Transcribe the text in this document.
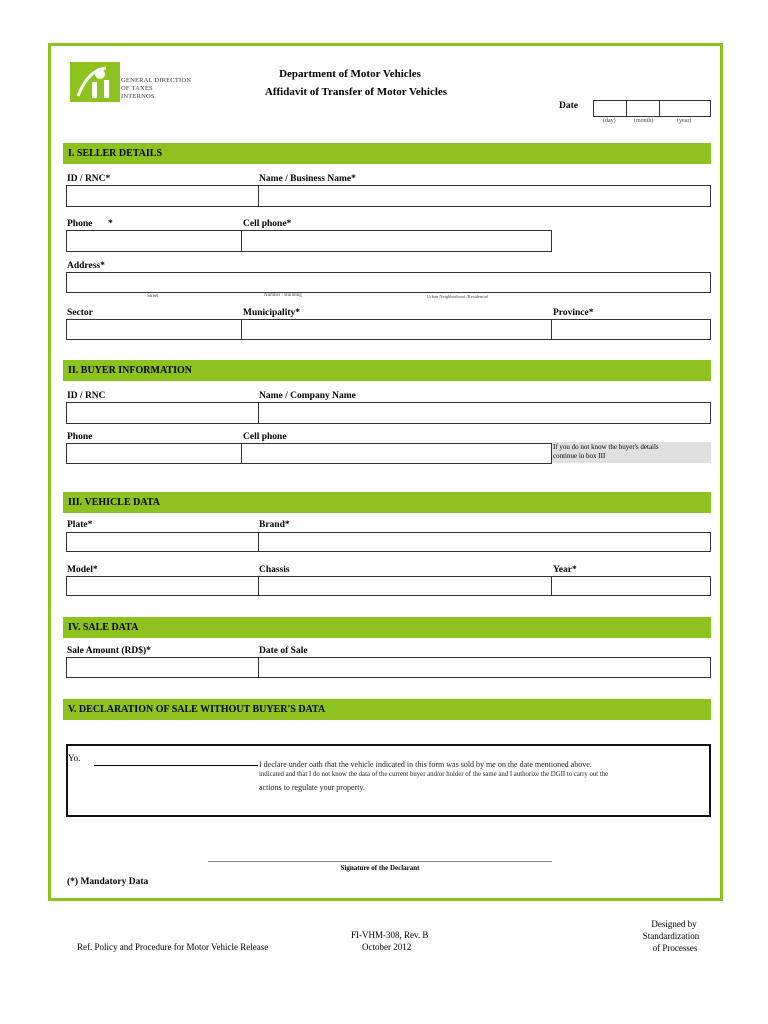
GENERAL DIRECTION
OF TAXES
INTERNOS
Department of Motor Vehicles
Affidavit of Transfer of Motor Vehicles
Date
(day)	(month)	(year)
I. SELLER DETAILS
ID / RNC*	Name / Business Name*
Phone *	Cell phone*
Address*
Street	Number / Building	Urban Neighborhood /Residential
Sector	Municipality*	Province*
II. BUYER INFORMATION
ID / RNC	Name / Company Name
Phone	Cell phone
If you do not know the buyer's details
continue in box III
III. VEHICLE DATA
Plate*	Brand*
Model*	Chassis	Year*
IV. SALE DATA
Sale Amount (RD$)*	Date of Sale
V. DECLARATION OF SALE WITHOUT BUYER'S DATA
Yo.
I declare under oath that the vehicle indicated in this form was sold by me on the date mentioned above.
indicated and that I do not know the data of the current buyer and/or holder of the same and I authorize the DGII to carry out the
actions to regulate your property.
Signature of the Declarant
(*) Mandatory Data
Ref. Policy and Procedure for Motor Vehicle Release
FI-VHM-308, Rev. B
October 2012
Designed by
Standardization
of Processes
